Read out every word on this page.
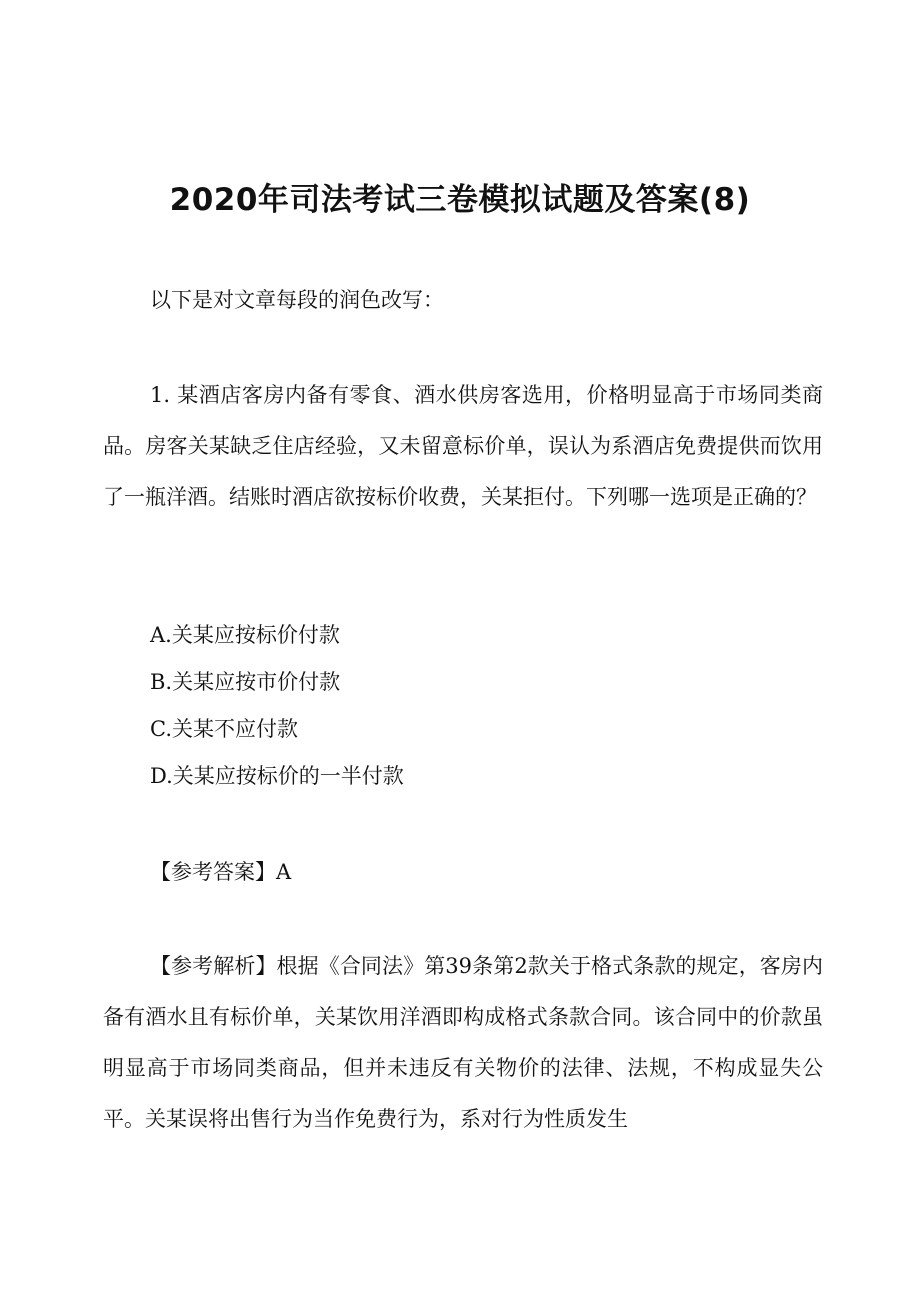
2020年司法考试三卷模拟试题及答案(8)
以下是对文章每段的润色改写：
1. 某酒店客房内备有零食、酒水供房客选用，价格明显高于市场同类商品。房客关某缺乏住店经验，又未留意标价单，误认为系酒店免费提供而饮用了一瓶洋酒。结账时酒店欲按标价收费，关某拒付。下列哪一选项是正确的？
A.关某应按标价付款
B.关某应按市价付款
C.关某不应付款
D.关某应按标价的一半付款
【参考答案】A
【参考解析】根据《合同法》第39条第2款关于格式条款的规定，客房内备有酒水且有标价单，关某饮用洋酒即构成格式条款合同。该合同中的价款虽明显高于市场同类商品，但并未违反有关物价的法律、法规，不构成显失公平。关某误将出售行为当作免费行为，系对行为性质发生
